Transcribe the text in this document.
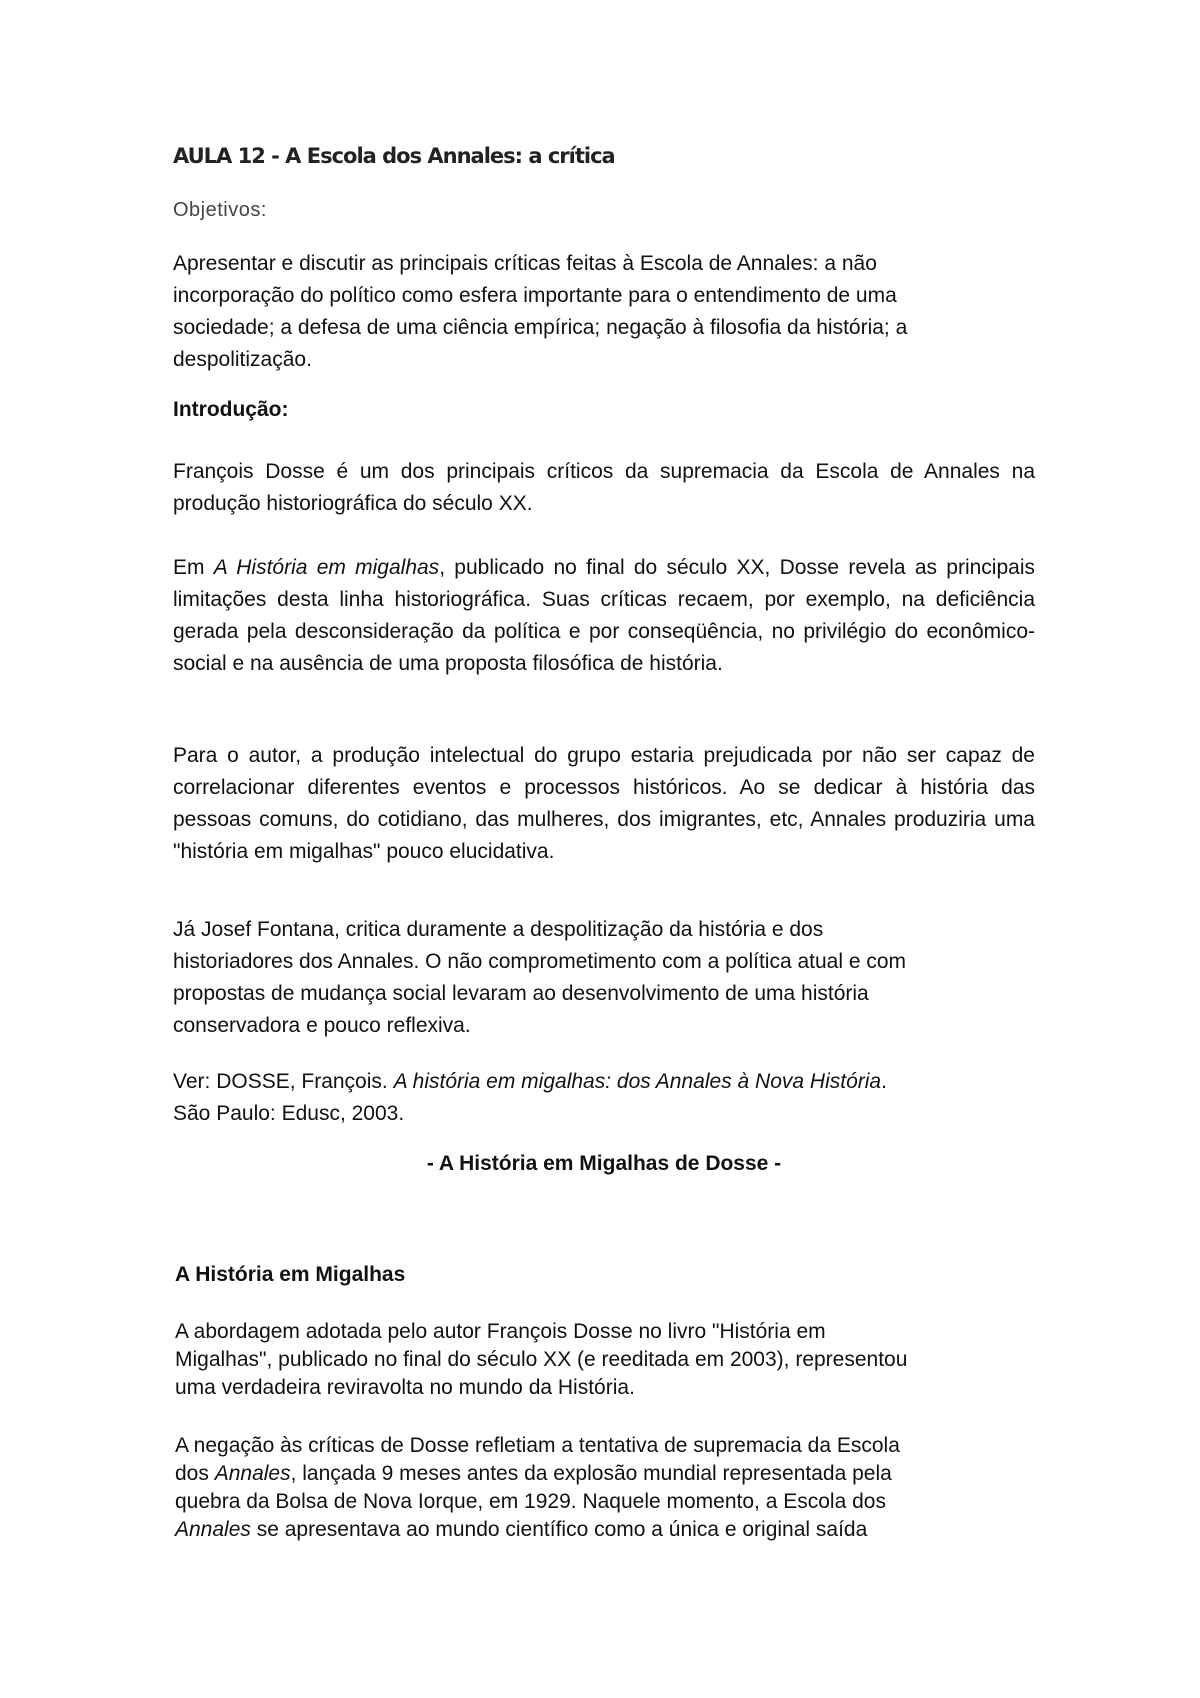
AULA 12 - A Escola dos Annales: a crítica
Objetivos:
Apresentar e discutir as principais críticas feitas à Escola de Annales: a não
incorporação do político como esfera importante para o entendimento de uma
sociedade; a defesa de uma ciência empírica; negação à filosofia da história; a
despolitização.
Introdução:
François Dosse é um dos principais críticos da supremacia da Escola de Annales na produção historiográfica do século XX.
Em A História em migalhas, publicado no final do século XX, Dosse revela as principais limitações desta linha historiográfica. Suas críticas recaem, por exemplo, na deficiência gerada pela desconsideração da política e por conseqüência, no privilégio do econômico-social e na ausência de uma proposta filosófica de história.
Para o autor, a produção intelectual do grupo estaria prejudicada por não ser capaz de correlacionar diferentes eventos e processos históricos. Ao se dedicar à história das pessoas comuns, do cotidiano, das mulheres, dos imigrantes, etc, Annales produziria uma "história em migalhas" pouco elucidativa.
Já Josef Fontana, critica duramente a despolitização da história e dos
historiadores dos Annales. O não comprometimento com a política atual e com
propostas de mudança social levaram ao desenvolvimento de uma história
conservadora e pouco reflexiva.
Ver: DOSSE, François. A história em migalhas: dos Annales à Nova História.
São Paulo: Edusc, 2003.
- A História em Migalhas de Dosse -
A História em Migalhas
A abordagem adotada pelo autor François Dosse no livro "História em
Migalhas", publicado no final do século XX (e reeditada em 2003), representou
uma verdadeira reviravolta no mundo da História.
A negação às críticas de Dosse refletiam a tentativa de supremacia da Escola
dos Annales, lançada 9 meses antes da explosão mundial representada pela
quebra da Bolsa de Nova Iorque, em 1929. Naquele momento, a Escola dos
Annales se apresentava ao mundo científico como a única e original saída
